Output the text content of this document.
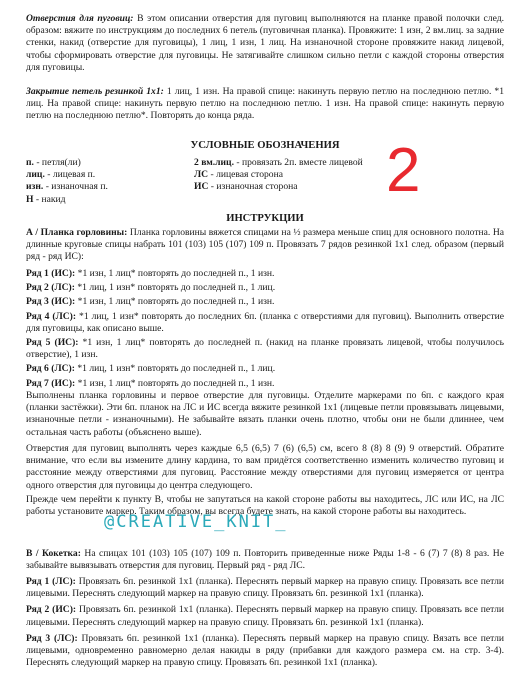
Отверстия для пуговиц: В этом описании отверстия для пуговиц выполняются на планке правой полочки след. образом: вяжите по инструкциям до последних 6 петель (пуговичная планка). Провяжите: 1 изн, 2 вм.лиц. за задние стенки, накид (отверстие для пуговицы), 1 лиц, 1 изн, 1 лиц. На изнаночной стороне провяжите накид лицевой, чтобы сформировать отверстие для пуговицы. Не затягивайте слишком сильно петли с каждой стороны отверстия для пуговицы.

Закрытие петель резинкой 1х1: 1 лиц, 1 изн. На правой спице: накинуть первую петлю на последнюю петлю. *1 лиц. На правой спице: накинуть первую петлю на последнюю петлю. 1 изн. На правой спице: накинуть первую петлю на последнюю петлю*. Повторять до конца ряда.

УСЛОВНЫЕ ОБОЗНАЧЕНИЯ
п. - петля(ли)
лиц. - лицевая п.
изн. - изнаночная п.
Н - накид
2 вм.лиц. - провязать 2п. вместе лицевой
ЛС - лицевая сторона
ИС - изнаночная сторона	2
ИНСТРУКЦИИ

А / Планка горловины: Планка горловины вяжется спицами на ½ размера меньше спиц для основного полотна. На длинные круговые спицы набрать 101 (103) 105 (107) 109 п. Провязать 7 рядов резинкой 1х1 след. образом (первый ряд - ряд ИС):

Ряд 1 (ИС): *1 изн, 1 лиц* повторять до последней п., 1 изн.

Ряд 2 (ЛС): *1 лиц, 1 изн* повторять до последней п., 1 лиц.

Ряд 3 (ИС): *1 изн, 1 лиц* повторять до последней п., 1 изн.

Ряд 4 (ЛС): *1 лиц, 1 изн* повторять до последних 6п. (планка с отверстиями для пуговиц). Выполнить отверстие для пуговицы, как описано выше.

Ряд 5 (ИС): *1 изн, 1 лиц* повторять до последней п. (накид на планке провязать лицевой, чтобы получилось отверстие), 1 изн.

Ряд 6 (ЛС): *1 лиц, 1 изн* повторять до последней п., 1 лиц.

Ряд 7 (ИС): *1 изн, 1 лиц* повторять до последней п., 1 изн.

Выполнены планка горловины и первое отверстие для пуговицы. Отделите маркерами по 6п. с каждого края (планки застёжки). Эти 6п. планок на ЛС и ИС всегда вяжите резинкой 1х1 (лицевые петли провязывать лицевыми, изнаночные петли - изнаночными). Не забывайте вязать планки очень плотно, чтобы они не были длиннее, чем остальная часть работы (объяснено выше).

Отверстия для пуговиц выполнять через каждые 6,5 (6,5) 7 (6) (6,5) см, всего 8 (8) 8 (9) 9 отверстий. Обратите внимание, что если вы измените длину кардина, то вам придётся соответственно изменить количество пуговиц и расстояние между отверстиями для пуговиц. Расстояние между отверстиями для пуговиц измеряется от центра одного отверстия для пуговицы до центра следующего.

Прежде чем перейти к пункту В, чтобы не запутаться на какой стороне работы вы находитесь, ЛС или ИС, на ЛС работы установите маркер. Таким образом, вы всегда будете знать, на какой стороне работы вы находитесь.

@CREATIVE_KNIT_

В / Кокетка: На спицах 101 (103) 105 (107) 109 п. Повторить приведенные ниже Ряды 1-8 - 6 (7) 7 (8) 8 раз. Не забывайте вывязывать отверстия для пуговиц. Первый ряд - ряд ЛС.

Ряд 1 (ЛС): Провязать 6п. резинкой 1х1 (планка). Переснять первый маркер на правую спицу. Провязать все петли лицевыми. Переснять следующий маркер на правую спицу. Провязать 6п. резинкой 1х1 (планка).

Ряд 2 (ИС): Провязать 6п. резинкой 1х1 (планка). Переснять первый маркер на правую спицу. Провязать все петли лицевыми. Переснять следующий маркер на правую спицу. Провязать 6п. резинкой 1х1 (планка).

Ряд 3 (ЛС): Провязать 6п. резинкой 1х1 (планка). Переснять первый маркер на правую спицу. Вязать все петли лицевыми, одновременно равномерно делая накиды в ряду (прибавки для каждого размера см. на стр. 3-4). Переснять следующий маркер на правую спицу. Провязать 6п. резинкой 1х1 (планка).
